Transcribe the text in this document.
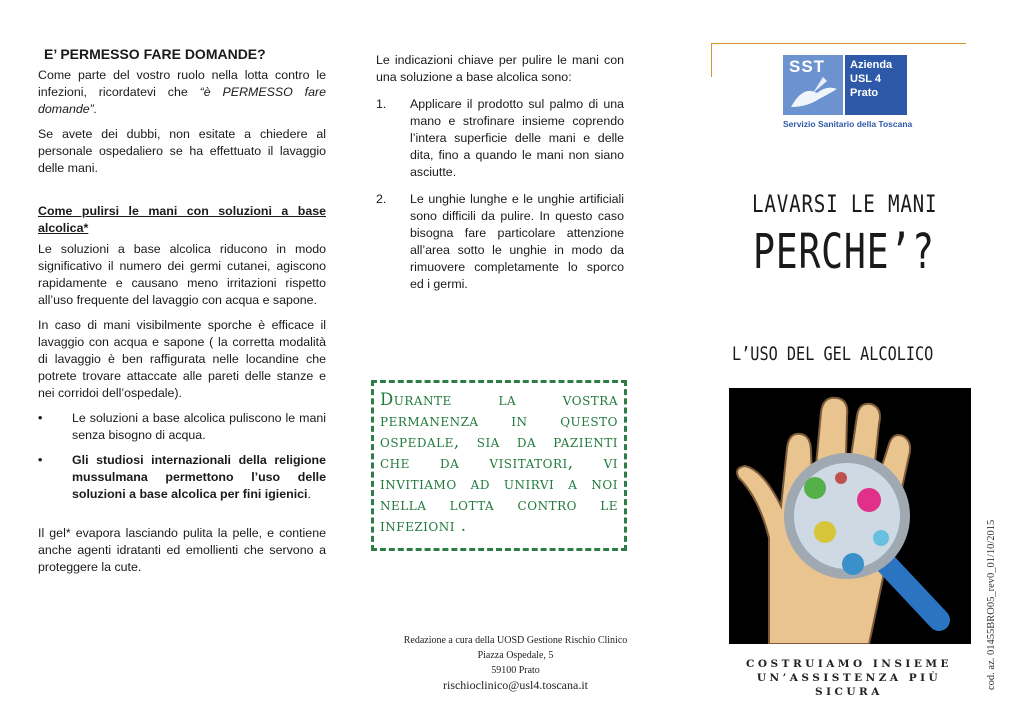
E’ PERMESSO FARE DOMANDE?

Come parte del vostro ruolo nella lotta contro le infezioni, ricordatevi che “è PERMESSO fare domande”.

Se avete dei dubbi, non esitate a chiedere al personale ospedaliero se ha effettuato il lavaggio delle mani.

Come pulirsi le mani con soluzioni a base alcolica*

Le soluzioni a base alcolica riducono in modo significativo il numero dei germi cutanei, agiscono rapidamente e causano meno irritazioni rispetto all’uso frequente del lavaggio con acqua e sapone.

In caso di mani visibilmente sporche è efficace il lavaggio con acqua e sapone ( la corretta modalità di lavaggio è ben raffigurata nelle locandine che potrete trovare attaccate alle pareti delle stanze e nei corridoi dell’ospedale).

• Le soluzioni a base alcolica puliscono le mani senza bisogno di acqua.
• Gli studiosi internazionali della religione mussulmana permettono l’uso delle soluzioni a base alcolica per fini igienici.

Il gel* evapora lasciando pulita la pelle, e contiene anche agenti idratanti ed emollienti che servono a proteggere la cute.

Le indicazioni chiave per pulire le mani con una soluzione a base alcolica sono:

1. Applicare il prodotto sul palmo di una mano e strofinare insieme coprendo l’intera superficie delle mani e delle dita, fino a quando le mani non siano asciutte.
2. Le unghie lunghe e le unghie artificiali sono difficili da pulire. In questo caso bisogna fare particolare attenzione all’area sotto le unghie in modo da rimuovere completamente lo sporco ed i germi.
Durante la vostra permanenza in questo ospedale, sia da pazienti che da visitatori, vi invitiamo ad unirvi a noi nella lotta contro le infezioni .
Redazione a cura della UOSD Gestione Rischio Clinico
Piazza Ospedale, 5
59100 Prato
rischioclinico@usl4.toscana.it
SST Azienda
USL 4
Prato
Servizio Sanitario della Toscana
LAVARSI LE MANI
PERCHE’?
L’USO DEL GEL ALCOLICO
COSTRUIAMO INSIEME
UN’ASSISTENZA PIÙ SICURA
cod. az. 01455BRO05_rev0_01/10/2015
